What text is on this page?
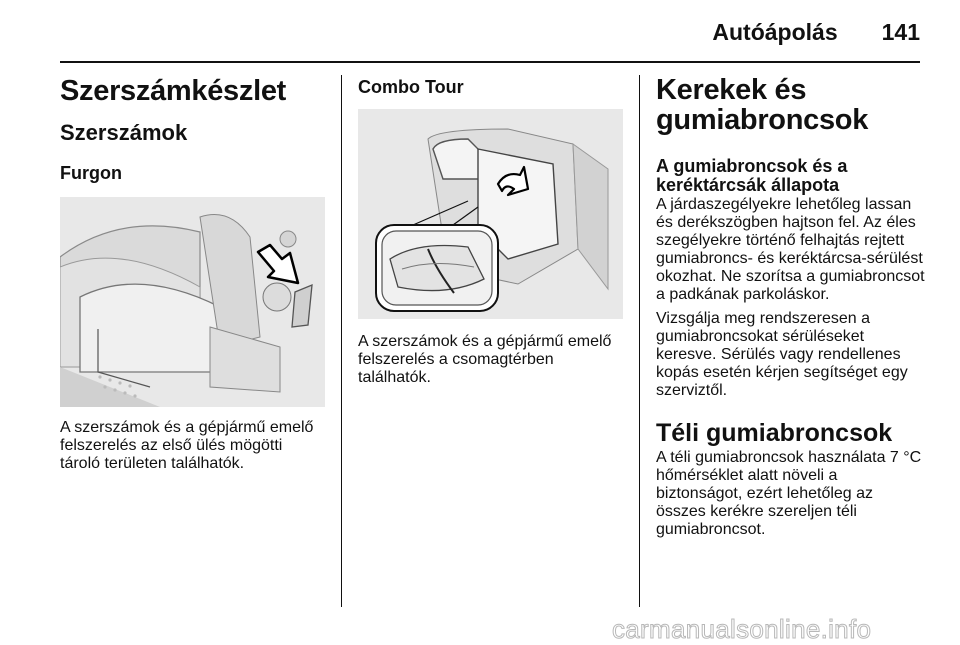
Autóápolás 141
Szerszámkészlet
Szerszámok
Furgon

A szerszámok és a gépjármű emelő felszerelés az első ülés mögötti tároló területen találhatók.

Combo Tour

A szerszámok és a gépjármű emelő felszerelés a csomagtérben találhatók.

Kerekek és
gumiabroncsok
A gumiabroncsok és a keréktárcsák állapota

A járdaszegélyekre lehetőleg lassan és derékszögben hajtson fel. Az éles szegélyekre történő felhajtás rejtett gumiabroncs- és keréktárcsa-sérülést okozhat. Ne szorítsa a gumiabroncsot a padkának parkoláskor.

Vizsgálja meg rendszeresen a gumiabroncsokat sérüléseket keresve. Sérülés vagy rendellenes kopás esetén kérjen segítséget egy szerviztől.

Téli gumiabroncsok

A téli gumiabroncsok használata 7 °C hőmérséklet alatt növeli a biztonságot, ezért lehetőleg az összes kerékre szereljen téli gumiabroncsot.

carmanualsonline.info
